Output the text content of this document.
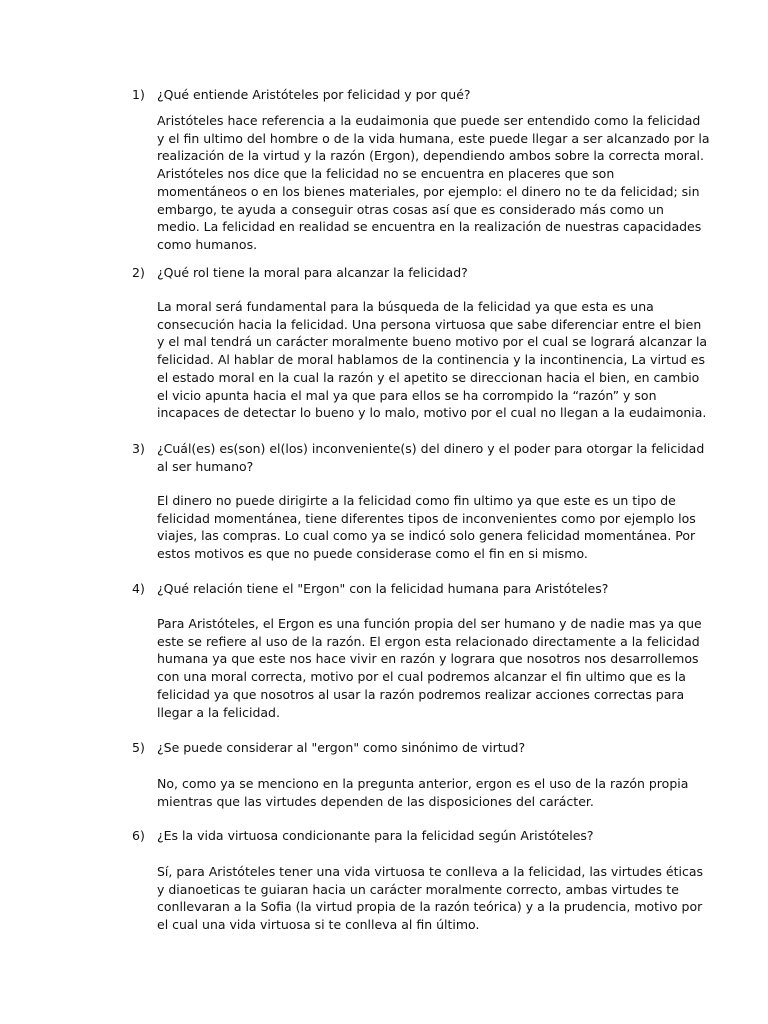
1) ¿Qué entiende Aristóteles por felicidad y por qué?

Aristóteles hace referencia a la eudaimonia que puede ser entendido como la felicidad
y el fin ultimo del hombre o de la vida humana, este puede llegar a ser alcanzado por la
realización de la virtud y la razón (Ergon), dependiendo ambos sobre la correcta moral.
Aristóteles nos dice que la felicidad no se encuentra en placeres que son
momentáneos o en los bienes materiales, por ejemplo: el dinero no te da felicidad; sin
embargo, te ayuda a conseguir otras cosas así que es considerado más como un
medio. La felicidad en realidad se encuentra en la realización de nuestras capacidades
como humanos.

2) ¿Qué rol tiene la moral para alcanzar la felicidad?

La moral será fundamental para la búsqueda de la felicidad ya que esta es una
consecución hacia la felicidad. Una persona virtuosa que sabe diferenciar entre el bien
y el mal tendrá un carácter moralmente bueno motivo por el cual se logrará alcanzar la
felicidad. Al hablar de moral hablamos de la continencia y la incontinencia, La virtud es
el estado moral en la cual la razón y el apetito se direccionan hacia el bien, en cambio
el vicio apunta hacia el mal ya que para ellos se ha corrompido la “razón” y son
incapaces de detectar lo bueno y lo malo, motivo por el cual no llegan a la eudaimonia.

3) ¿Cuál(es) es(son) el(los) inconveniente(s) del dinero y el poder para otorgar la felicidad
al ser humano?

El dinero no puede dirigirte a la felicidad como fin ultimo ya que este es un tipo de
felicidad momentánea, tiene diferentes tipos de inconvenientes como por ejemplo los
viajes, las compras. Lo cual como ya se indicó solo genera felicidad momentánea. Por
estos motivos es que no puede considerase como el fin en si mismo.

4) ¿Qué relación tiene el "Ergon" con la felicidad humana para Aristóteles?

Para Aristóteles, el Ergon es una función propia del ser humano y de nadie mas ya que
este se refiere al uso de la razón. El ergon esta relacionado directamente a la felicidad
humana ya que este nos hace vivir en razón y lograra que nosotros nos desarrollemos
con una moral correcta, motivo por el cual podremos alcanzar el fin ultimo que es la
felicidad ya que nosotros al usar la razón podremos realizar acciones correctas para
llegar a la felicidad.

5) ¿Se puede considerar al "ergon" como sinónimo de virtud?

No, como ya se menciono en la pregunta anterior, ergon es el uso de la razón propia
mientras que las virtudes dependen de las disposiciones del carácter.

6) ¿Es la vida virtuosa condicionante para la felicidad según Aristóteles?

Sí, para Aristóteles tener una vida virtuosa te conlleva a la felicidad, las virtudes éticas
y dianoeticas te guiaran hacia un carácter moralmente correcto, ambas virtudes te
conllevaran a la Sofia (la virtud propia de la razón teórica) y a la prudencia, motivo por
el cual una vida virtuosa si te conlleva al fin último.
